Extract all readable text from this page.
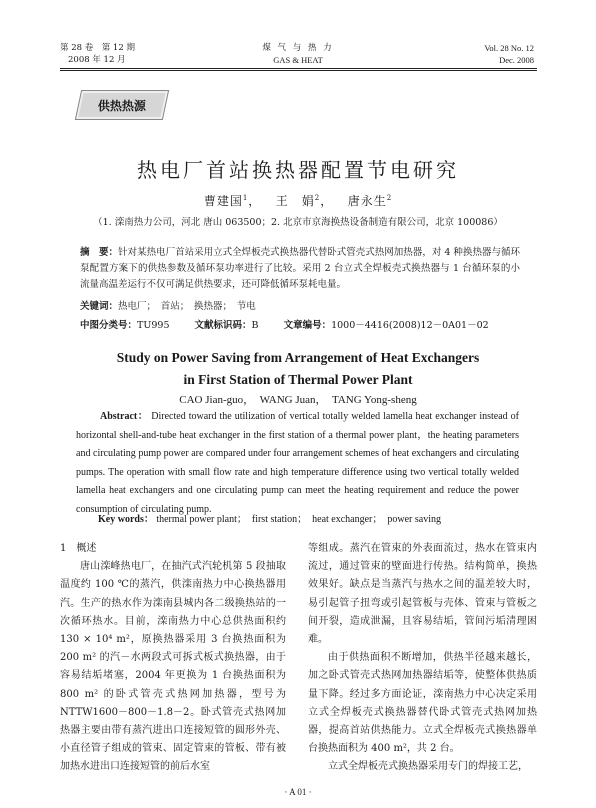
第 28 卷　第 12 期
2008 年 12 月
煤 气 与 热 力
GAS & HEAT
Vol. 28 No. 12
Dec. 2008
供热热源
热电厂首站换热器配置节电研究
曹建国$^1$，   王　娟$^2$，   唐永生$^2$
（1. 滦南热力公司，河北 唐山 063500；2. 北京市京海换热设备制造有限公司，北京 100086）
摘　要：针对某热电厂首站采用立式全焊板壳式换热器代替卧式管壳式热网加热器，对 4 种换热器与循环泵配置方案下的供热参数及循环泵功率进行了比较。采用 2 台立式全焊板壳式换热器与 1 台循环泵的小流量高温差运行不仅可满足供热要求，还可降低循环泵耗电量。
关键词：热电厂；　首站；　换热器；　节电
中图分类号：TU995	文献标识码：B	文章编号：1000－4416(2008)12－0A01－02
Study on Power Saving from Arrangement of Heat Exchangers
in First Station of Thermal Power Plant
CAO Jian-guo，　WANG Juan，　TANG Yong-sheng
Abstract： Directed toward the utilization of vertical totally welded lamella heat exchanger instead of horizontal shell-and-tube heat exchanger in the first station of a thermal power plant，the heating parameters and circulating pump power are compared under four arrangement schemes of heat exchangers and circulating pumps. The operation with small flow rate and high temperature difference using two vertical totally welded lamella heat exchangers and one circulating pump can meet the heating requirement and reduce the power consumption of circulating pump.
Key words： thermal power plant；　first station；　heat exchanger；　power saving
1　概述
唐山滦峰热电厂，在抽汽式汽轮机第 5 段抽取温度约 100 ℃的蒸汽，供滦南热力中心换热器用汽。生产的热水作为滦南县城内各二级换热站的一次循环热水。目前，滦南热力中心总供热面积约 130 × 10⁴ m²，原换热器采用 3 台换热面积为 200 m² 的汽－水两段式可拆式板式换热器，由于容易结垢堵塞，2004 年更换为 1 台换热面积为 800 m² 的卧式管壳式热网加热器，型号为 NTTW1600－800－1.8－2。卧式管壳式热网加热器主要由带有蒸汽进出口连接短管的圆形外壳、小直径管子组成的管束、固定管束的管板、带有被加热水进出口连接短管的前后水室
等组成。蒸汽在管束的外表面流过，热水在管束内流过，通过管束的壁面进行传热。结构简单，换热效果好。缺点是当蒸汽与热水之间的温差较大时，易引起管子扭弯或引起管板与壳体、管束与管板之间开裂，造成泄漏，且容易结垢，管间污垢清理困难。
由于供热面积不断增加，供热半径越来越长，加之卧式管壳式热网加热器结垢等，使整体供热质量下降。经过多方面论证，滦南热力中心决定采用立式全焊板壳式换热器替代卧式管壳式热网加热器，提高首站供热能力。立式全焊板壳式换热器单台换热面积为 400 m²，共 2 台。
立式全焊板壳式换热器采用专门的焊接工艺，
· A 01 ·
